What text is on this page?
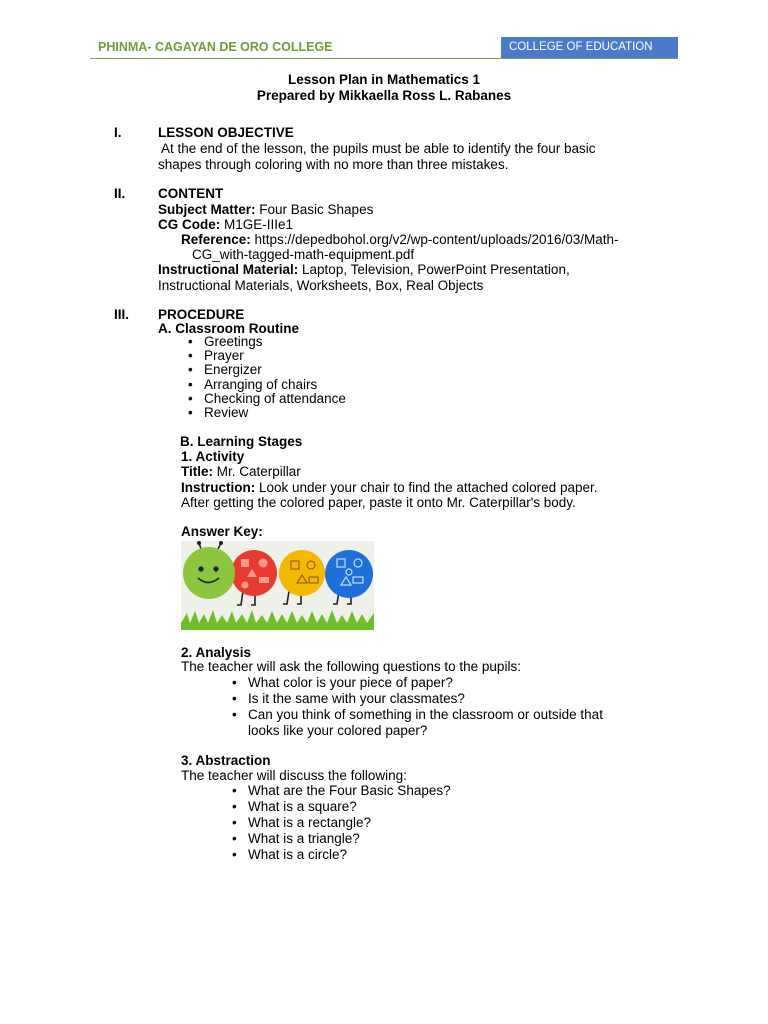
PHINMA- CAGAYAN DE ORO COLLEGE	COLLEGE OF EDUCATION
Lesson Plan in Mathematics 1
Prepared by Mikkaella Ross L. Rabanes
I.	LESSON OBJECTIVE
At the end of the lesson, the pupils must be able to identify the four basic
shapes through coloring with no more than three mistakes.
II. CONTENT
Subject Matter: Four Basic Shapes
CG Code: M1GE-IIIe1
Reference: https://depedbohol.org/v2/wp-content/uploads/2016/03/Math-
CG_with-tagged-math-equipment.pdf
Instructional Material: Laptop, Television, PowerPoint Presentation,
Instructional Materials, Worksheets, Box, Real Objects
III. PROCEDURE
A. Classroom Routine
• Greetings
• Prayer
• Energizer
• Arranging of chairs
• Checking of attendance
• Review
B. Learning Stages
1. Activity
Title: Mr. Caterpillar
Instruction: Look under your chair to find the attached colored paper.
After getting the colored paper, paste it onto Mr. Caterpillar's body.
Answer Key:
2. Analysis
The teacher will ask the following questions to the pupils:
• What color is your piece of paper?
• Is it the same with your classmates?
• Can you think of something in the classroom or outside that
looks like your colored paper?
3. Abstraction
The teacher will discuss the following:
• What are the Four Basic Shapes?
• What is a square?
• What is a rectangle?
• What is a triangle?
• What is a circle?
